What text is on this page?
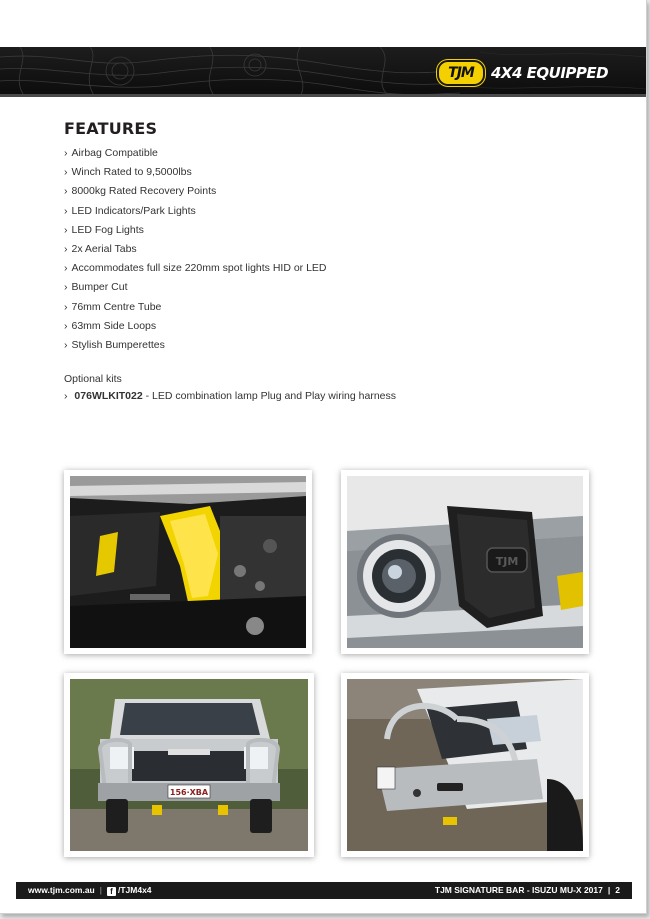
TJM	4X4 EQUIPPED
FEATURES
› Airbag Compatible
› Winch Rated to 9,5000lbs
› 8000kg Rated Recovery Points
› LED Indicators/Park Lights
› LED Fog Lights
› 2x Aerial Tabs
› Accommodates full size 220mm spot lights HID or LED
› Bumper Cut
› 76mm Centre Tube
› 63mm Side Loops
› Stylish Bumperettes
Optional kits
› 076WLKIT022 - LED combination lamp Plug and Play wiring harness
TJM
156·XBA
www.tjm.com.au | f /TJM4x4	TJM SIGNATURE BAR - ISUZU MU-X 2017 | 2
